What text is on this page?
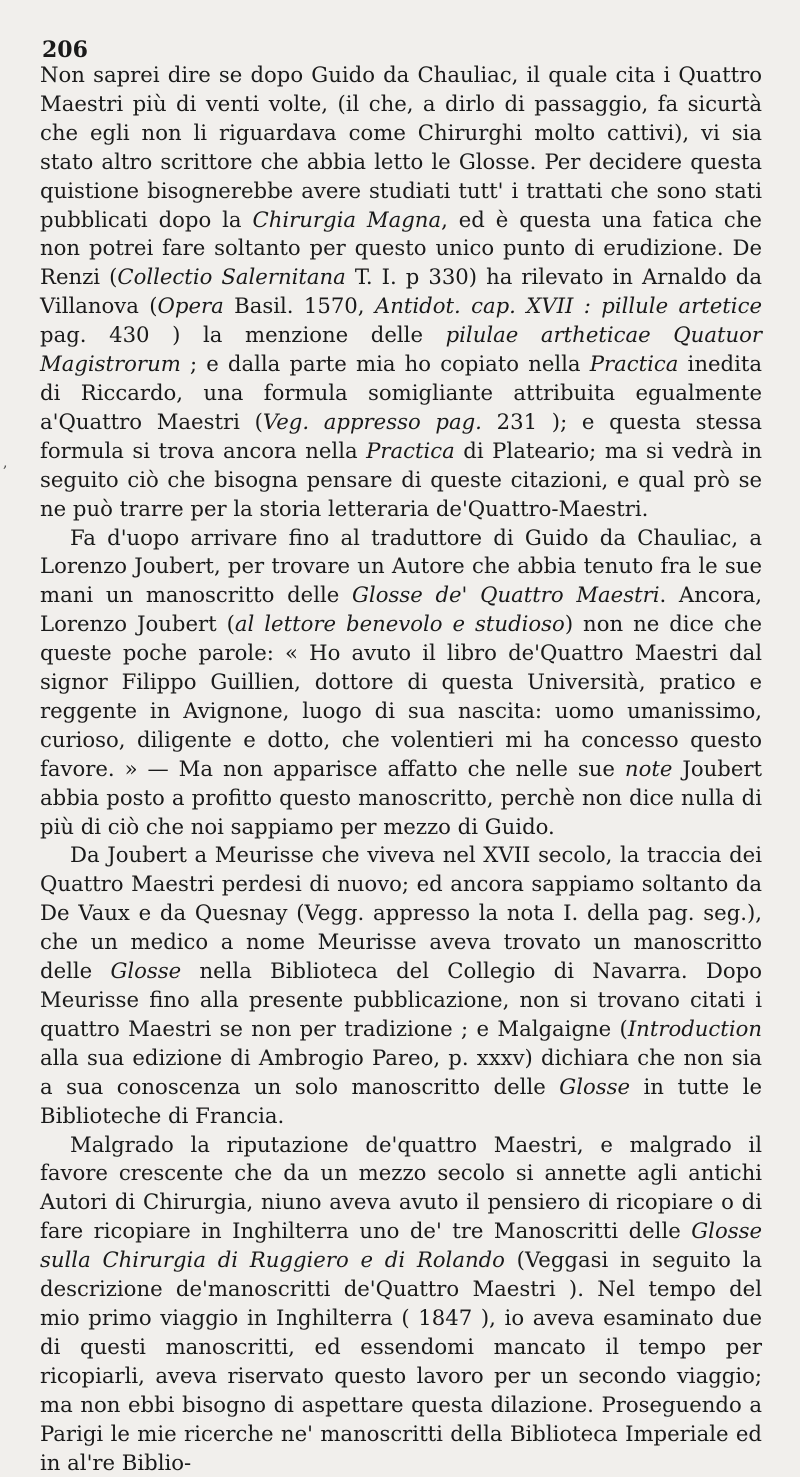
206
,

Non saprei dire se dopo Guido da Chauliac, il quale cita i Quattro Maestri più di venti volte, (il che, a dirlo di passaggio, fa sicurtà che egli non li riguardava come Chirurghi molto cattivi), vi sia stato altro scrittore che abbia letto le Glosse. Per decidere questa quistione bisognerebbe avere studiati tutt' i trattati che sono stati pubblicati dopo la Chirurgia Magna, ed è questa una fatica che non potrei fare soltanto per questo unico punto di erudizione. De Renzi (Collectio Salernitana T. I. p 330) ha rilevato in Arnaldo da Villanova (Opera Basil. 1570, Antidot. cap. XVII : pillule artetice pag. 430 ) la menzione delle pilulae artheticae Quatuor Magistrorum ; e dalla parte mia ho copiato nella Practica inedita di Riccardo, una formula somigliante attribuita egualmente a'Quattro Maestri (Veg. appresso pag. 231 ); e questa stessa formula si trova ancora nella Practica di Plateario; ma si vedrà in seguito ciò che bisogna pensare di queste citazioni, e qual prò se ne può trarre per la storia letteraria de'Quattro-Maestri.

Fa d'uopo arrivare fino al traduttore di Guido da Chauliac, a Lorenzo Joubert, per trovare un Autore che abbia tenuto fra le sue mani un manoscritto delle Glosse de' Quattro Maestri. Ancora, Lorenzo Joubert (al lettore benevolo e studioso) non ne dice che queste poche parole: « Ho avuto il libro de'Quattro Maestri dal signor Filippo Guillien, dottore di questa Università, pratico e reggente in Avignone, luogo di sua nascita: uomo umanissimo, curioso, diligente e dotto, che volentieri mi ha concesso questo favore. » — Ma non apparisce affatto che nelle sue note Joubert abbia posto a profitto questo manoscritto, perchè non dice nulla di più di ciò che noi sappiamo per mezzo di Guido.

Da Joubert a Meurisse che viveva nel XVII secolo, la traccia dei Quattro Maestri perdesi di nuovo; ed ancora sappiamo soltanto da De Vaux e da Quesnay (Vegg. appresso la nota I. della pag. seg.), che un medico a nome Meurisse aveva trovato un manoscritto delle Glosse nella Biblioteca del Collegio di Navarra. Dopo Meurisse fino alla presente pubblicazione, non si trovano citati i quattro Maestri se non per tradizione ; e Malgaigne (Introduction alla sua edizione di Ambrogio Pareo, p. xxxv) dichiara che non sia a sua conoscenza un solo manoscritto delle Glosse in tutte le Biblioteche di Francia.

Malgrado la riputazione de'quattro Maestri, e malgrado il favore crescente che da un mezzo secolo si annette agli antichi Autori di Chirurgia, niuno aveva avuto il pensiero di ricopiare o di fare ricopiare in Inghilterra uno de' tre Manoscritti delle Glosse sulla Chirurgia di Ruggiero e di Rolando (Veggasi in seguito la descrizione de'manoscritti de'Quattro Maestri ). Nel tempo del mio primo viaggio in Inghilterra ( 1847 ), io aveva esaminato due di questi manoscritti, ed essendomi mancato il tempo per ricopiarli, aveva riservato questo lavoro per un secondo viaggio; ma non ebbi bisogno di aspettare questa dilazione. Proseguendo a Parigi le mie ricerche ne' manoscritti della Biblioteca Imperiale ed in al're Biblio-
